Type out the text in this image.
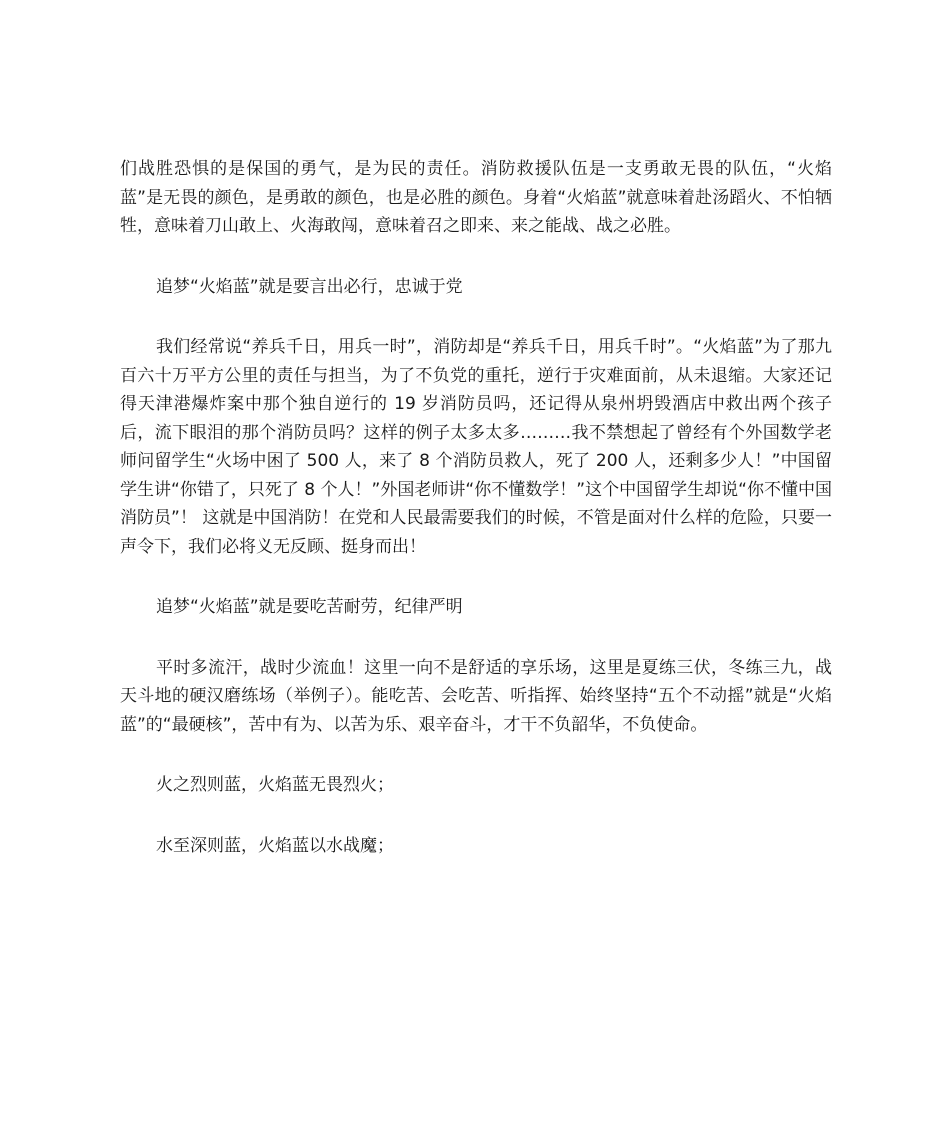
们战胜恐惧的是保国的勇气，是为民的责任。消防救援队伍是一支勇敢无畏的队伍，“火焰蓝”是无畏的颜色，是勇敢的颜色，也是必胜的颜色。身着“火焰蓝”就意味着赴汤蹈火、不怕牺牲，意味着刀山敢上、火海敢闯，意味着召之即来、来之能战、战之必胜。

追梦“火焰蓝”就是要言出必行，忠诚于党

我们经常说“养兵千日，用兵一时”，消防却是“养兵千日，用兵千时”。“火焰蓝”为了那九百六十万平方公里的责任与担当，为了不负党的重托，逆行于灾难面前，从未退缩。大家还记得天津港爆炸案中那个独自逆行的 19 岁消防员吗，还记得从泉州坍毁酒店中救出两个孩子后，流下眼泪的那个消防员吗？这样的例子太多太多………我不禁想起了曾经有个外国数学老师问留学生“火场中困了 500 人，来了 8 个消防员救人，死了 200 人，还剩多少人！”中国留学生讲“你错了，只死了 8 个人！”外国老师讲“你不懂数学！”这个中国留学生却说“你不懂中国消防员”！ 这就是中国消防！在党和人民最需要我们的时候，不管是面对什么样的危险，只要一声令下，我们必将义无反顾、挺身而出！

追梦“火焰蓝”就是要吃苦耐劳，纪律严明

平时多流汗，战时少流血！这里一向不是舒适的享乐场，这里是夏练三伏，冬练三九，战天斗地的硬汉磨练场（举例子）。能吃苦、会吃苦、听指挥、始终坚持“五个不动摇”就是“火焰蓝”的“最硬核”，苦中有为、以苦为乐、艰辛奋斗，才干不负韶华，不负使命。

火之烈则蓝，火焰蓝无畏烈火；

水至深则蓝，火焰蓝以水战魔；
